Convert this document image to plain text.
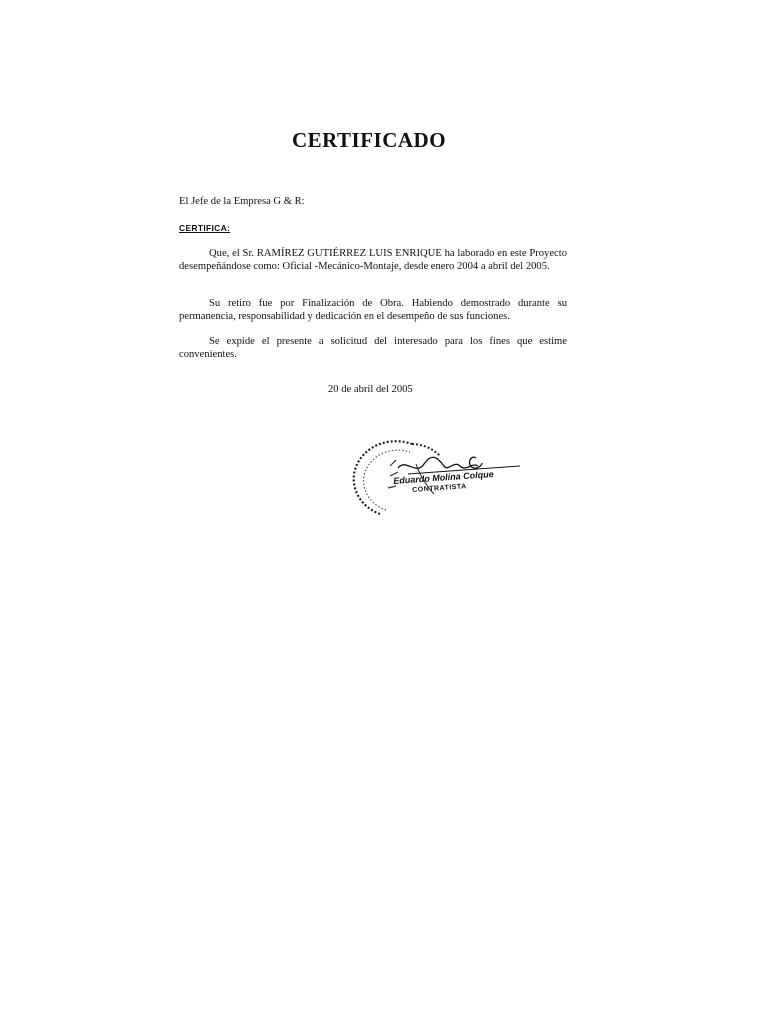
CERTIFICADO
El Jefe de la Empresa G & R:
CERTIFICA:
Que, el Sr. RAMÍREZ GUTIÉRREZ LUIS ENRIQUE ha laborado en este Proyecto desempeñándose como: Oficial -Mecánico-Montaje, desde enero 2004 a abril del 2005.
Su retiro fue por Finalización de Obra. Habiendo demostrado durante su permanencia, responsabilidad y dedicación en el desempeño de sus funciones.
Se expide el presente a solicitud del interesado para los fines que estime convenientes.
20 de abril del 2005
Eduardo Molina Colque
CONTRATISTA
